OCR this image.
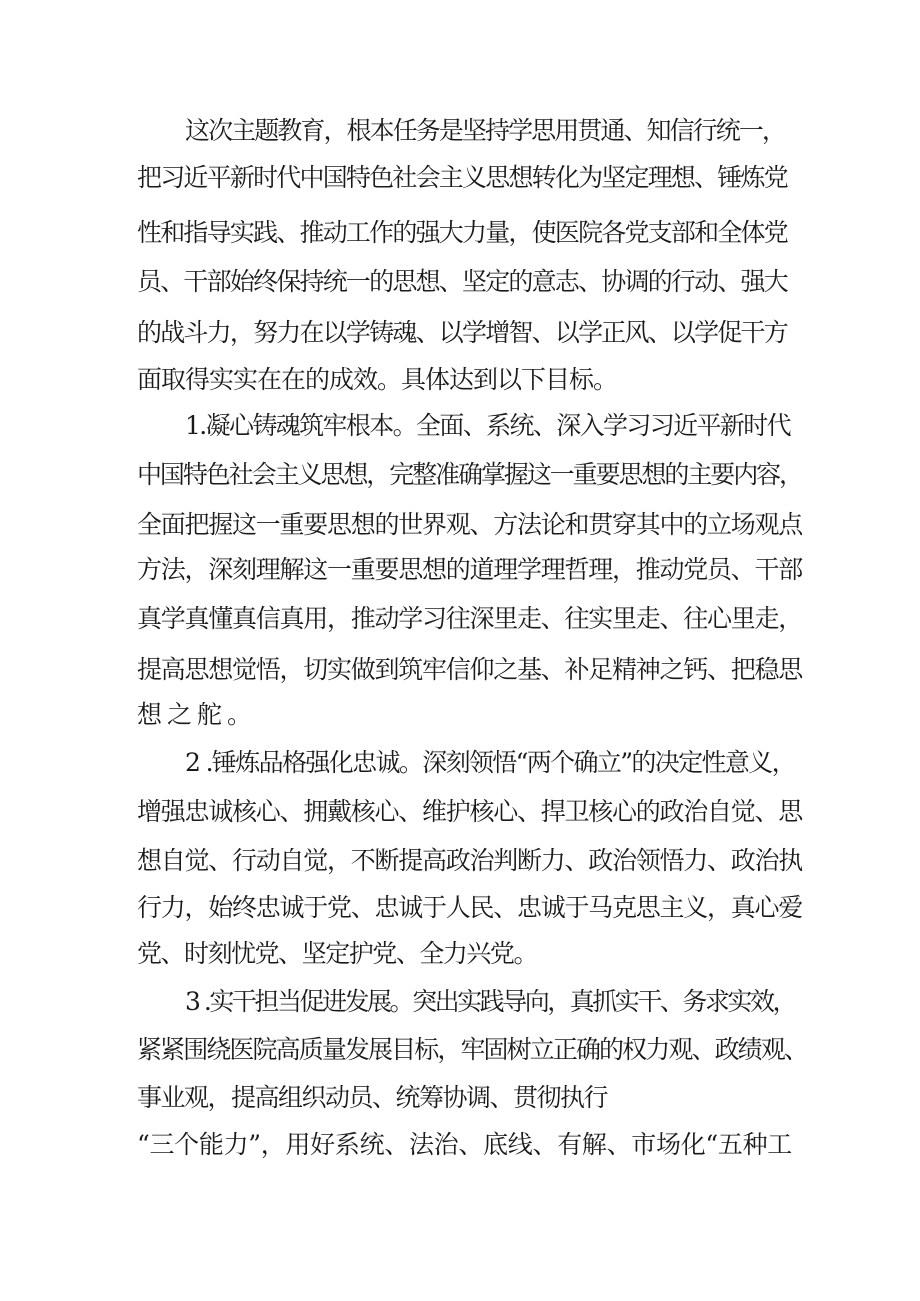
这次主题教育，根本任务是坚持学思用贯通、知信行统一，
把习近平新时代中国特色社会主义思想转化为坚定理想、锤炼党
性和指导实践、推动工作的强大力量，使医院各党支部和全体党
员、干部始终保持统一的思想、坚定的意志、协调的行动、强大
的战斗力，努力在以学铸魂、以学增智、以学正风、以学促干方
面取得实实在在的成效。具体达到以下目标。
1.凝心铸魂筑牢根本。全面、系统、深入学习习近平新时代
中国特色社会主义思想，完整准确掌握这一重要思想的主要内容，
全面把握这一重要思想的世界观、方法论和贯穿其中的立场观点
方法，深刻理解这一重要思想的道理学理哲理，推动党员、干部
真学真懂真信真用，推动学习往深里走、往实里走、往心里走，
提高思想觉悟，切实做到筑牢信仰之基、补足精神之钙、把稳思
想之舵。
2 .锤炼品格强化忠诚。深刻领悟“两个确立”的决定性意义，
增强忠诚核心、拥戴核心、维护核心、捍卫核心的政治自觉、思
想自觉、行动自觉，不断提高政治判断力、政治领悟力、政治执
行力，始终忠诚于党、忠诚于人民、忠诚于马克思主义，真心爱
党、时刻忧党、坚定护党、全力兴党。
3 .实干担当促进发展。突出实践导向，真抓实干、务求实效，
紧紧围绕医院高质量发展目标，牢固树立正确的权力观、政绩观、
事业观，提高组织动员、统筹协调、贯彻执行
“三个能力”，用好系统、法治、底线、有解、市场化“五种工
